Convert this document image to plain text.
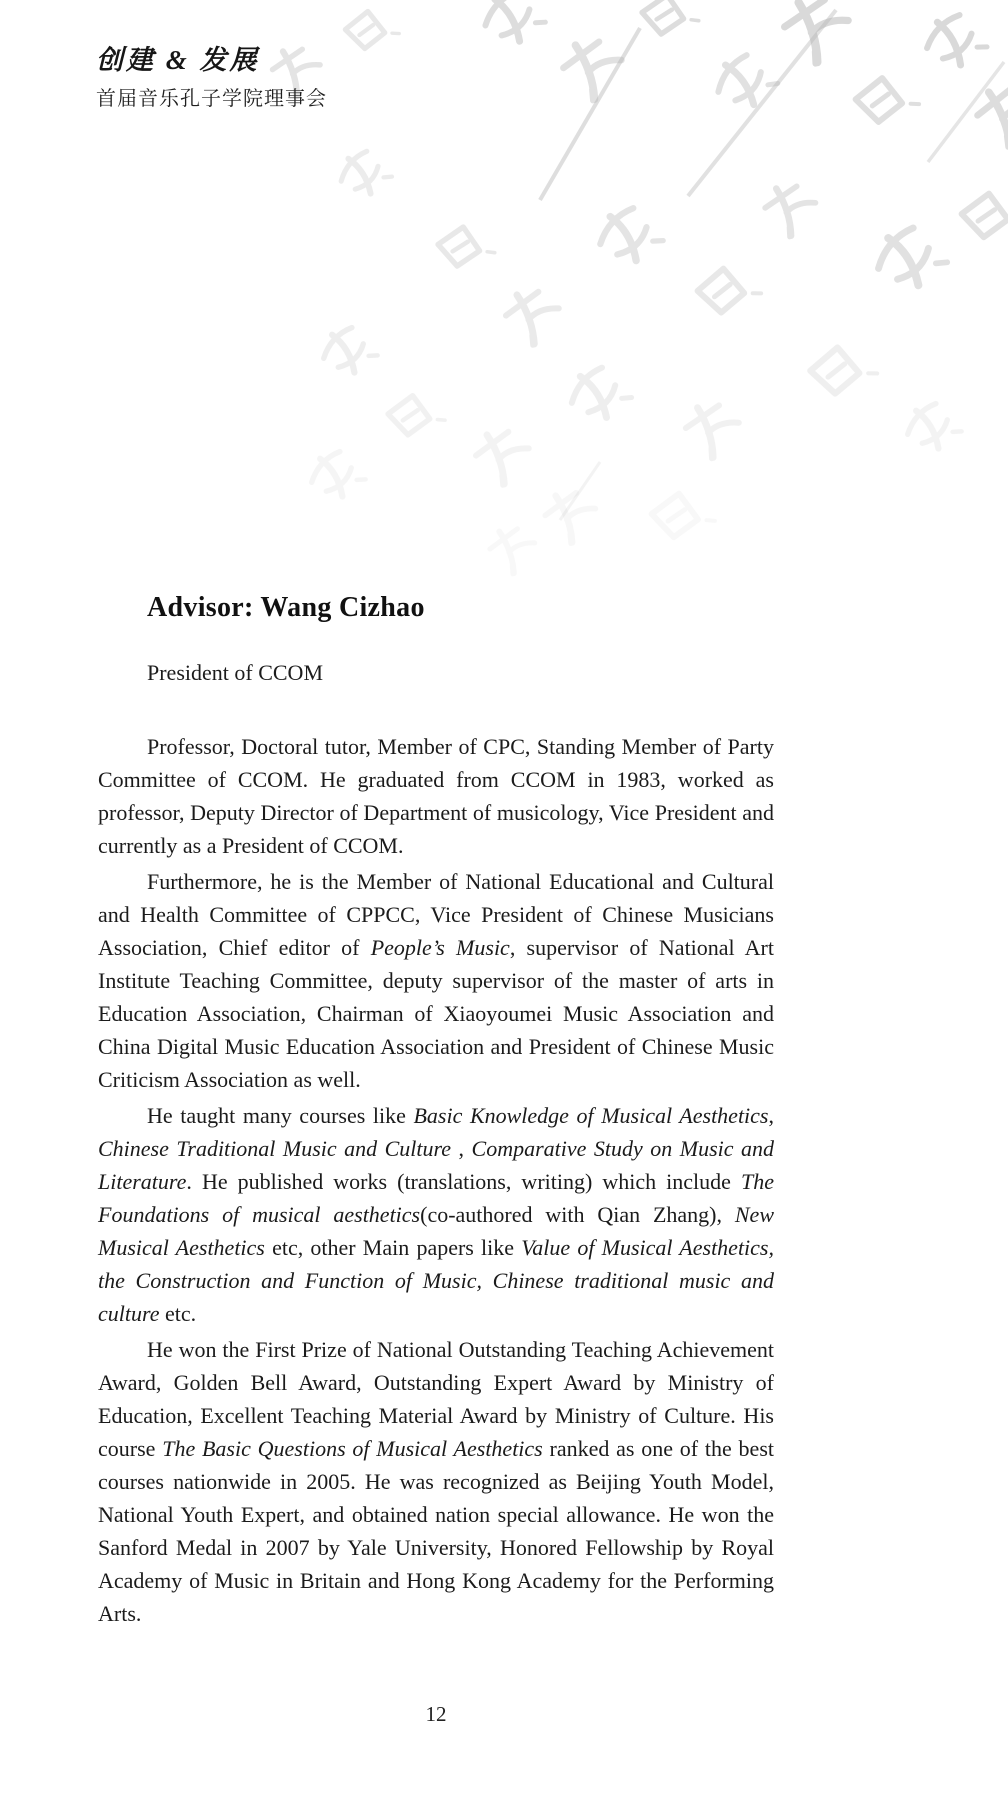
创建 & 发展
首届音乐孔子学院理事会
Advisor: Wang Cizhao
President of CCOM

Professor, Doctoral tutor, Member of CPC, Standing Member of Party Committee of CCOM. He graduated from CCOM in 1983, worked as professor, Deputy Director of Department of musicology, Vice President and currently as a President of CCOM.

Furthermore, he is the Member of National Educational and Cultural and Health Committee of CPPCC, Vice President of Chinese Musicians Association, Chief editor of People’s Music, supervisor of National Art Institute Teaching Committee, deputy supervisor of the master of arts in Education Association, Chairman of Xiaoyoumei Music Association and China Digital Music Education Association and President of Chinese Music Criticism Association as well.

He taught many courses like Basic Knowledge of Musical Aesthetics, Chinese Traditional Music and Culture , Comparative Study on Music and Literature. He published works (translations, writing) which include The Foundations of musical aesthetics(co-authored with Qian Zhang), New Musical Aesthetics etc, other Main papers like Value of Musical Aesthetics, the Construction and Function of Music, Chinese traditional music and culture etc.

He won the First Prize of National Outstanding Teaching Achievement Award, Golden Bell Award, Outstanding Expert Award by Ministry of Education, Excellent Teaching Material Award by Ministry of Culture. His course The Basic Questions of Musical Aesthetics ranked as one of the best courses nationwide in 2005. He was recognized as Beijing Youth Model, National Youth Expert, and obtained nation special allowance. He won the Sanford Medal in 2007 by Yale University, Honored Fellowship by Royal Academy of Music in Britain and Hong Kong Academy for the Performing Arts.

12
